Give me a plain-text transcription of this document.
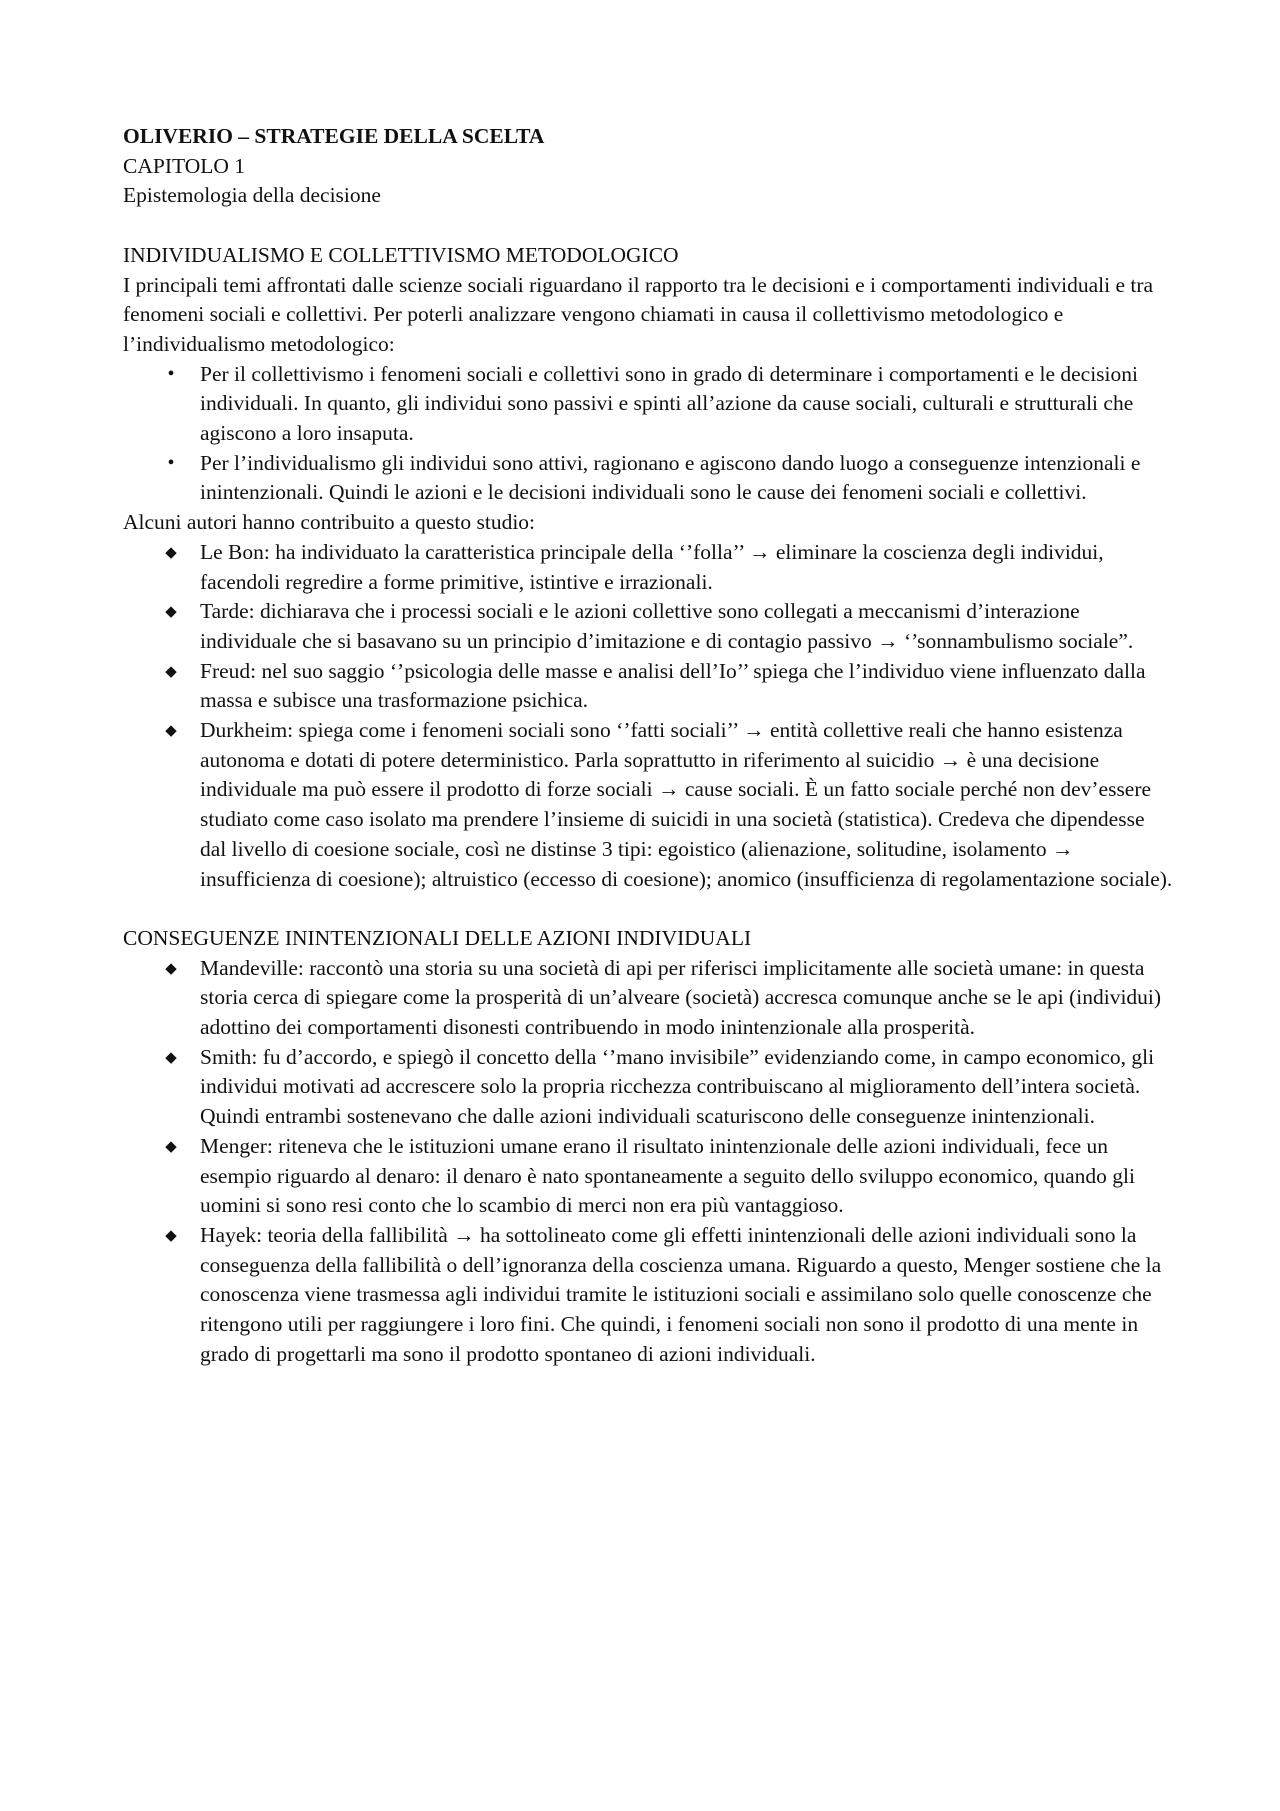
OLIVERIO – STRATEGIE DELLA SCELTA

CAPITOLO 1

Epistemologia della decisione

INDIVIDUALISMO E COLLETTIVISMO METODOLOGICO

I principali temi affrontati dalle scienze sociali riguardano il rapporto tra le decisioni e i comportamenti individuali e tra fenomeni sociali e collettivi. Per poterli analizzare vengono chiamati in causa il collettivismo metodologico e l’individualismo metodologico:

•	Per il collettivismo i fenomeni sociali e collettivi sono in grado di determinare i comportamenti e le decisioni individuali. In quanto, gli individui sono passivi e spinti all’azione da cause sociali, culturali e strutturali che agiscono a loro insaputa.
•	Per l’individualismo gli individui sono attivi, ragionano e agiscono dando luogo a conseguenze intenzionali e inintenzionali. Quindi le azioni e le decisioni individuali sono le cause dei fenomeni sociali e collettivi.

Alcuni autori hanno contribuito a questo studio:

◆ Le Bon: ha individuato la caratteristica principale della ‘’folla’’ → eliminare la coscienza degli individui, facendoli regredire a forme primitive, istintive e irrazionali.
◆ Tarde: dichiarava che i processi sociali e le azioni collettive sono collegati a meccanismi d’interazione individuale che si basavano su un principio d’imitazione e di contagio passivo → ‘’sonnambulismo sociale”.
◆ Freud: nel suo saggio ‘’psicologia delle masse e analisi dell’Io’’ spiega che l’individuo viene influenzato dalla massa e subisce una trasformazione psichica.
◆ Durkheim: spiega come i fenomeni sociali sono ‘’fatti sociali’’ → entità collettive reali che hanno esistenza autonoma e dotati di potere deterministico. Parla soprattutto in riferimento al suicidio → è una decisione individuale ma può essere il prodotto di forze sociali → cause sociali. È un fatto sociale perché non dev’essere studiato come caso isolato ma prendere l’insieme di suicidi in una società (statistica). Credeva che dipendesse dal livello di coesione sociale, così ne distinse 3 tipi: egoistico (alienazione, solitudine, isolamento → insufficienza di coesione); altruistico (eccesso di coesione); anomico (insufficienza di regolamentazione sociale).

CONSEGUENZE ININTENZIONALI DELLE AZIONI INDIVIDUALI

◆ Mandeville: raccontò una storia su una società di api per riferisci implicitamente alle società umane: in questa storia cerca di spiegare come la prosperità di un’alveare (società) accresca comunque anche se le api (individui) adottino dei comportamenti disonesti contribuendo in modo inintenzionale alla prosperità.
◆ Smith: fu d’accordo, e spiegò il concetto della ‘’mano invisibile” evidenziando come, in campo economico, gli individui motivati ad accrescere solo la propria ricchezza contribuiscano al miglioramento dell’intera società. Quindi entrambi sostenevano che dalle azioni individuali scaturiscono delle conseguenze inintenzionali.
◆ Menger: riteneva che le istituzioni umane erano il risultato inintenzionale delle azioni individuali, fece un esempio riguardo al denaro: il denaro è nato spontaneamente a seguito dello sviluppo economico, quando gli uomini si sono resi conto che lo scambio di merci non era più vantaggioso.
◆ Hayek: teoria della fallibilità → ha sottolineato come gli effetti inintenzionali delle azioni individuali sono la conseguenza della fallibilità o dell’ignoranza della coscienza umana. Riguardo a questo, Menger sostiene che la conoscenza viene trasmessa agli individui tramite le istituzioni sociali e assimilano solo quelle conoscenze che ritengono utili per raggiungere i loro fini. Che quindi, i fenomeni sociali non sono il prodotto di una mente in grado di progettarli ma sono il prodotto spontaneo di azioni individuali.
